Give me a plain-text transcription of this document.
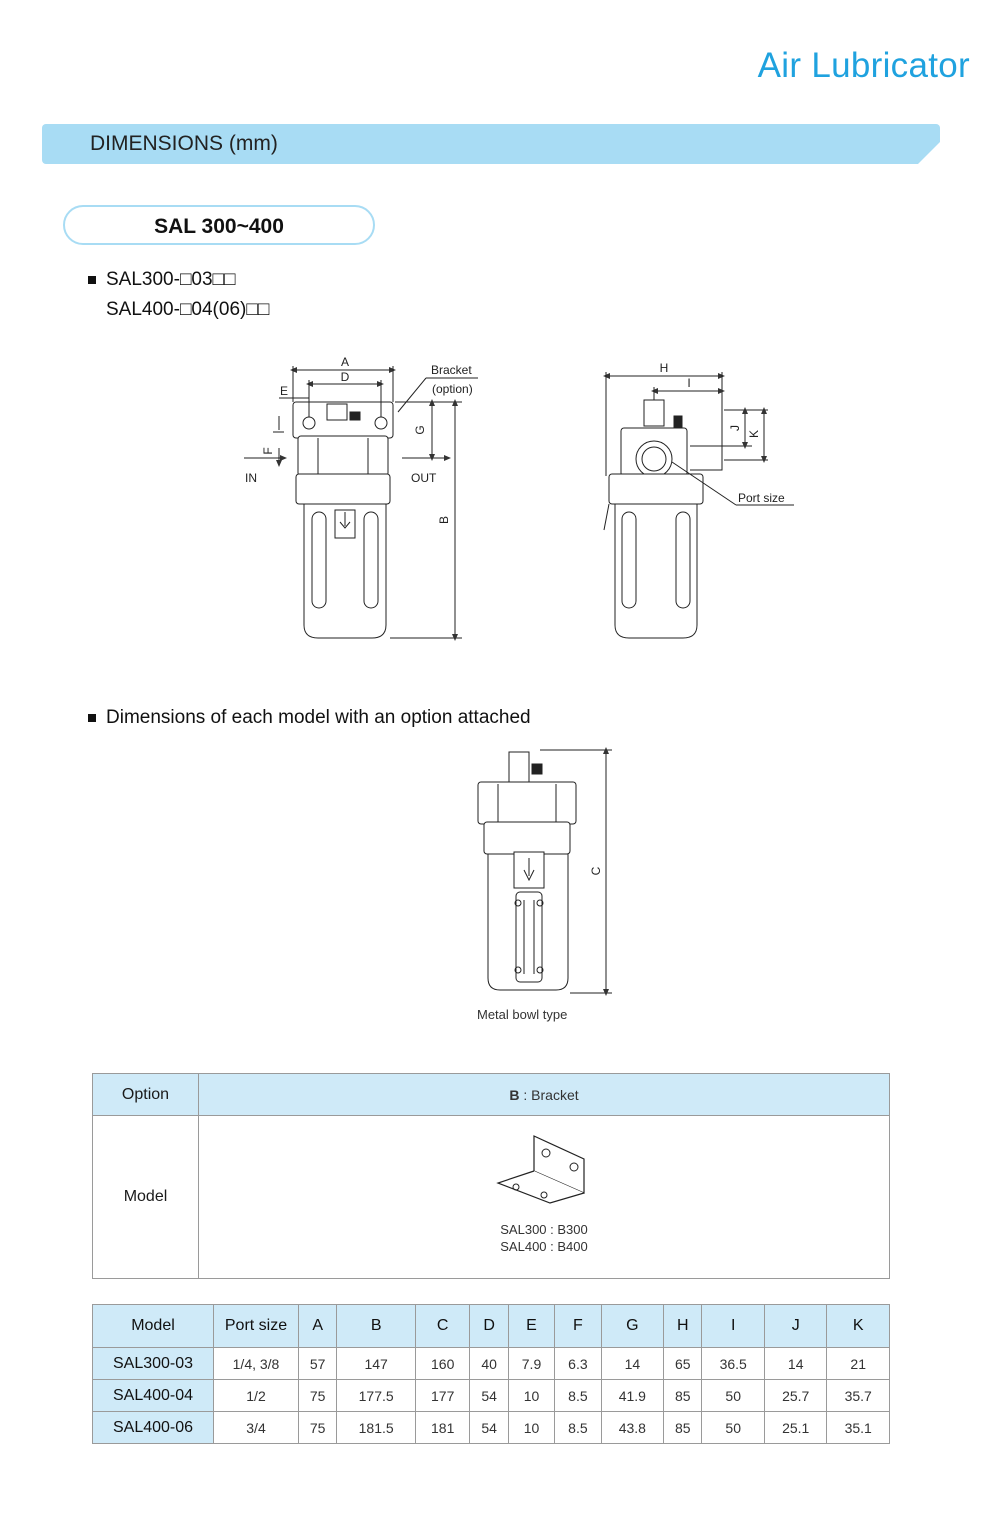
Air Lubricator
DIMENSIONS (mm)
SAL 300~400
SAL300-□03□□
SAL400-□04(06)□□
A
D
E
F
G
B
Bracket
(option)
IN	OUT
H
I
J
K
Port size
C
Dimensions of each model with an option attached
Metal bowl type
Option	B : Bracket
Model	SAL300 : B300
SAL400 : B400
Model	Port size	A	B	C	D	E	F	G	H	I	J	K
SAL300-03	1/4, 3/8	57	147	160	40	7.9	6.3	14	65	36.5	14	21
SAL400-04	1/2	75	177.5	177	54	10	8.5	41.9	85	50	25.7	35.7
SAL400-06	3/4	75	181.5	181	54	10	8.5	43.8	85	50	25.1	35.1
